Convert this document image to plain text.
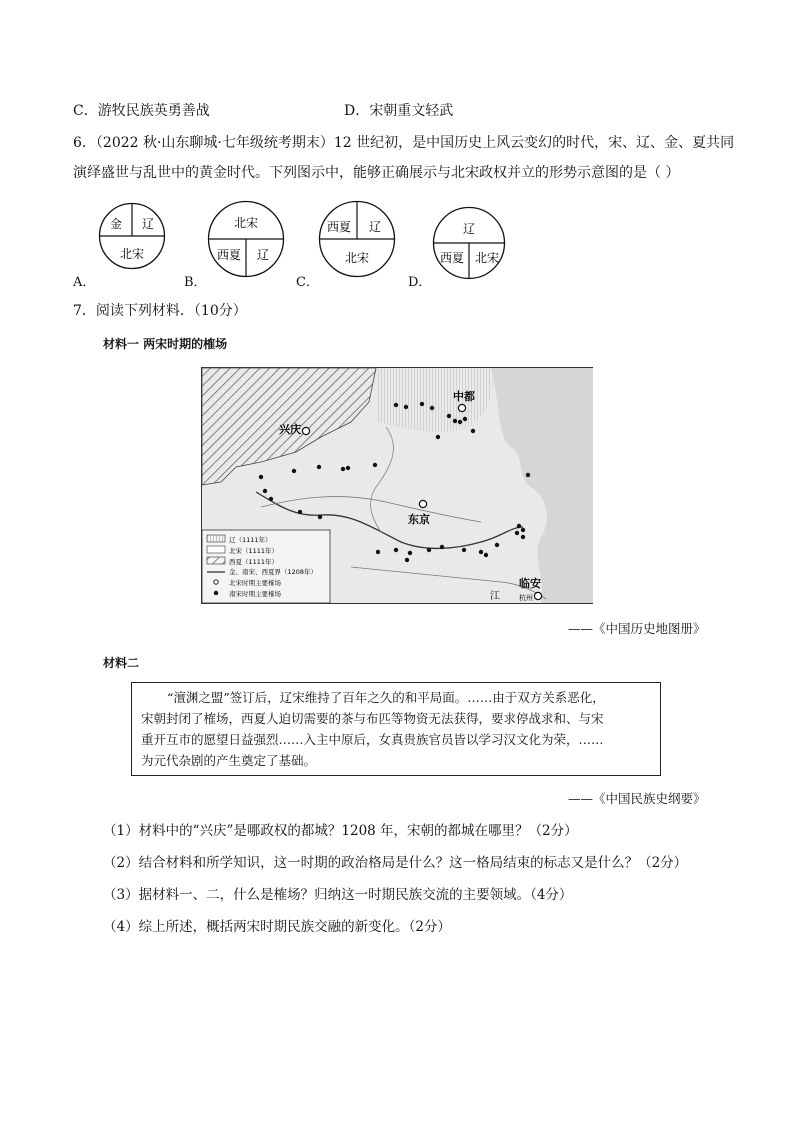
C．游牧民族英勇善战	D．宋朝重文轻武
6．（2022 秋·山东聊城·七年级统考期末）12 世纪初，是中国历史上风云变幻的时代，宋、辽、金、夏共同
演绎盛世与乱世中的黄金时代。下列图示中，能够正确展示与北宋政权并立的形势示意图的是（ ）
A．
金 辽
北宋
B．
北宋
西夏 辽
C．
西夏 辽
北宋
D．
辽
西夏 北宋
7．阅读下列材料．（10分）
材料一 两宋时期的榷场
中都
兴庆
东京
临安
杭州
江
辽（1111年）
北宋（1111年）
西夏（1111年）
金、南宋、西夏界（1208年）
北宋时期主要榷场
南宋时期主要榷场
——《中国历史地图册》
材料二
“澶渊之盟”签订后，辽宋维持了百年之久的和平局面。……由于双方关系恶化，
宋朝封闭了榷场，西夏人迫切需要的茶与布匹等物资无法获得，要求停战求和、与宋
重开互市的愿望日益强烈……入主中原后，女真贵族官员皆以学习汉文化为荣，……
为元代杂剧的产生奠定了基础。
——《中国民族史纲要》
（1）材料中的“兴庆”是哪政权的都城？1208 年，宋朝的都城在哪里？（2分）
（2）结合材料和所学知识，这一时期的政治格局是什么？这一格局结束的标志又是什么？（2分）
（3）据材料一、二，什么是榷场？归纳这一时期民族交流的主要领域。（4分）
（4）综上所述，概括两宋时期民族交融的新变化。（2分）
